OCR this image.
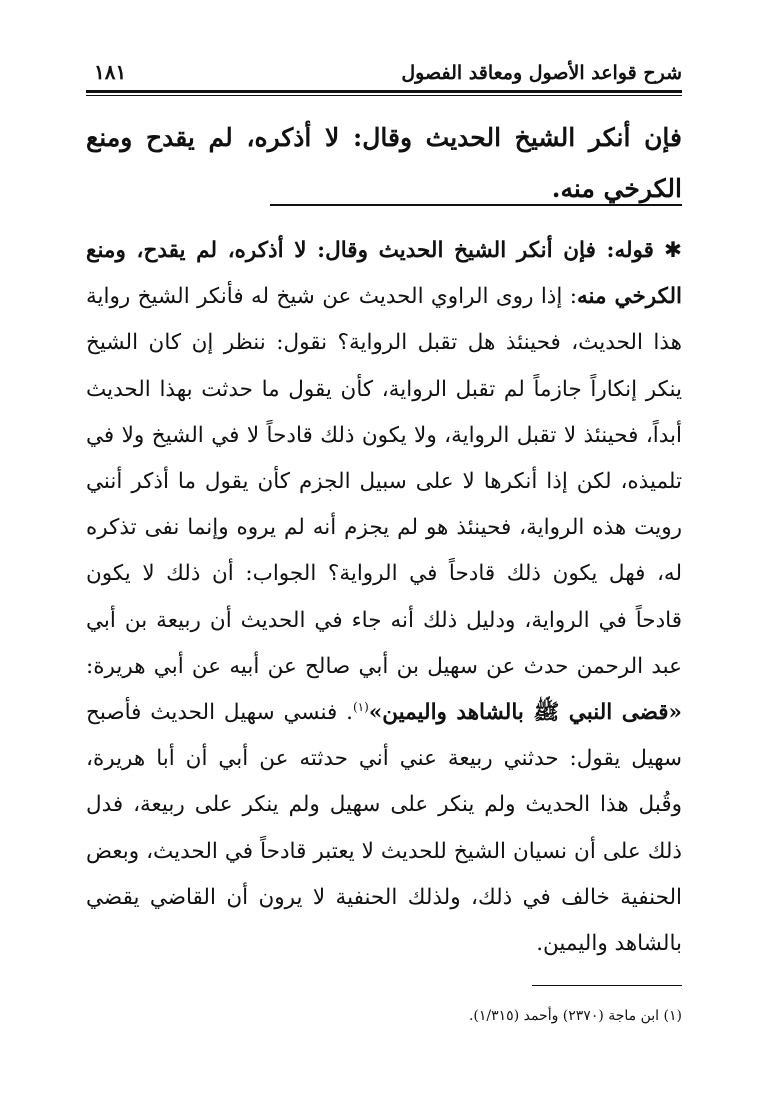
شرح قواعد الأصول ومعاقد الفصول
١٨١
فإن أنكر الشيخ الحديث وقال: لا أذكره، لم يقدح ومنع الكرخي منه.
✱ قوله: فإن أنكر الشيخ الحديث وقال: لا أذكره، لم يقدح، ومنع الكرخي منه: إذا روى الراوي الحديث عن شيخ له فأنكر الشيخ رواية هذا الحديث، فحينئذ هل تقبل الرواية؟ نقول: ننظر إن كان الشيخ ينكر إنكاراً جازماً لم تقبل الرواية، كأن يقول ما حدثت بهذا الحديث أبداً، فحينئذ لا تقبل الرواية، ولا يكون ذلك قادحاً لا في الشيخ ولا في تلميذه، لكن إذا أنكرها لا على سبيل الجزم كأن يقول ما أذكر أنني رويت هذه الرواية، فحينئذ هو لم يجزم أنه لم يروه وإنما نفى تذكره له، فهل يكون ذلك قادحاً في الرواية؟ الجواب: أن ذلك لا يكون قادحاً في الرواية، ودليل ذلك أنه جاء في الحديث أن ربيعة بن أبي عبد الرحمن حدث عن سهيل بن أبي صالح عن أبيه عن أبي هريرة: «قضى النبي ﷺ بالشاهد واليمين»$^{(١)}$. فنسي سهيل الحديث فأصبح سهيل يقول: حدثني ربيعة عني أني حدثته عن أبي أن أبا هريرة، وقُبل هذا الحديث ولم ينكر على سهيل ولم ينكر على ربيعة، فدل ذلك على أن نسيان الشيخ للحديث لا يعتبر قادحاً في الحديث، وبعض الحنفية خالف في ذلك، ولذلك الحنفية لا يرون أن القاضي يقضي بالشاهد واليمين.
(١) ابن ماجة (٢٣٧٠) وأحمد (١/٣١٥).
